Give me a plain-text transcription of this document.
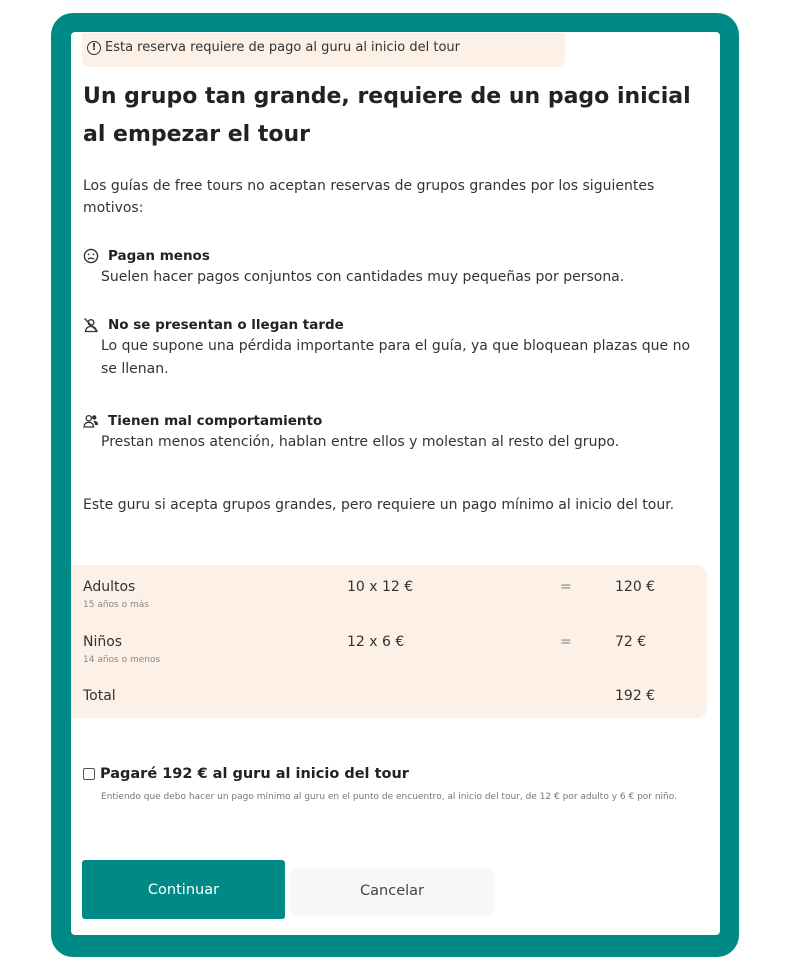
! Esta reserva requiere de pago al guru al inicio del tour
Un grupo tan grande, requiere de un pago inicial al empezar el tour

Los guías de free tours no aceptan reservas de grupos grandes por los siguientes motivos:

Pagan menos
Suelen hacer pagos conjuntos con cantidades muy pequeñas por persona.
No se presentan o llegan tarde
Lo que supone una pérdida importante para el guía, ya que bloquean plazas que no se llenan.
Tienen mal comportamiento
Prestan menos atención, hablan entre ellos y molestan al resto del grupo.

Este guru si acepta grupos grandes, pero requiere un pago mínimo al inicio del tour.

Adultos
15 años o más
10 x 12 €	=	120 €
Niños
14 años o menos
12 x 6 €	=	72 €
Total	192 €
Pagaré 192 € al guru al inicio del tour
Entiendo que debo hacer un pago mínimo al guru en el punto de encuentro, al inicio del tour, de 12 € por adulto y 6 € por niño.
Continuar	Cancelar
